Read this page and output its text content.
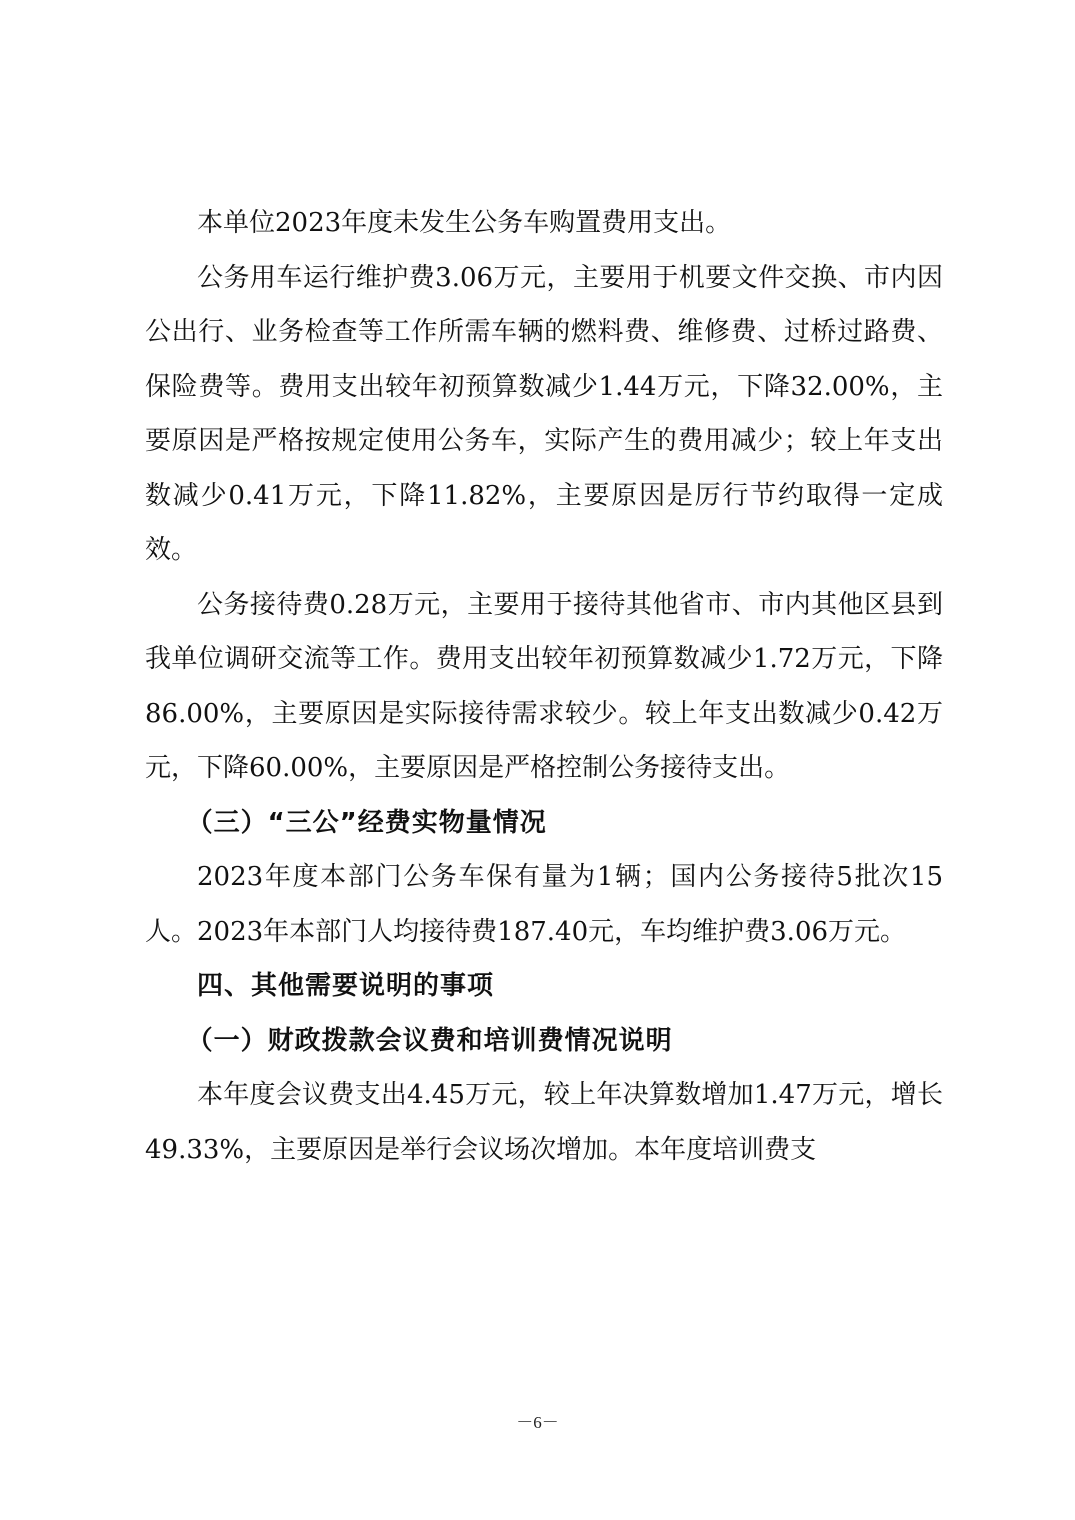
本单位2023年度未发生公务车购置费用支出。

公务用车运行维护费3.06万元，主要用于机要文件交换、市内因公出行、业务检查等工作所需车辆的燃料费、维修费、过桥过路费、保险费等。费用支出较年初预算数减少1.44万元，下降32.00%，主要原因是严格按规定使用公务车，实际产生的费用减少；较上年支出数减少0.41万元，下降11.82%，主要原因是厉行节约取得一定成效。

公务接待费0.28万元，主要用于接待其他省市、市内其他区县到我单位调研交流等工作。费用支出较年初预算数减少1.72万元，下降86.00%，主要原因是实际接待需求较少。较上年支出数减少0.42万元，下降60.00%，主要原因是严格控制公务接待支出。

（三）“三公”经费实物量情况

2023年度本部门公务车保有量为1辆；国内公务接待5批次15人。2023年本部门人均接待费187.40元，车均维护费3.06万元。

四、其他需要说明的事项

（一）财政拨款会议费和培训费情况说明

本年度会议费支出4.45万元，较上年决算数增加1.47万元，增长49.33%，主要原因是举行会议场次增加。本年度培训费支

－6－
